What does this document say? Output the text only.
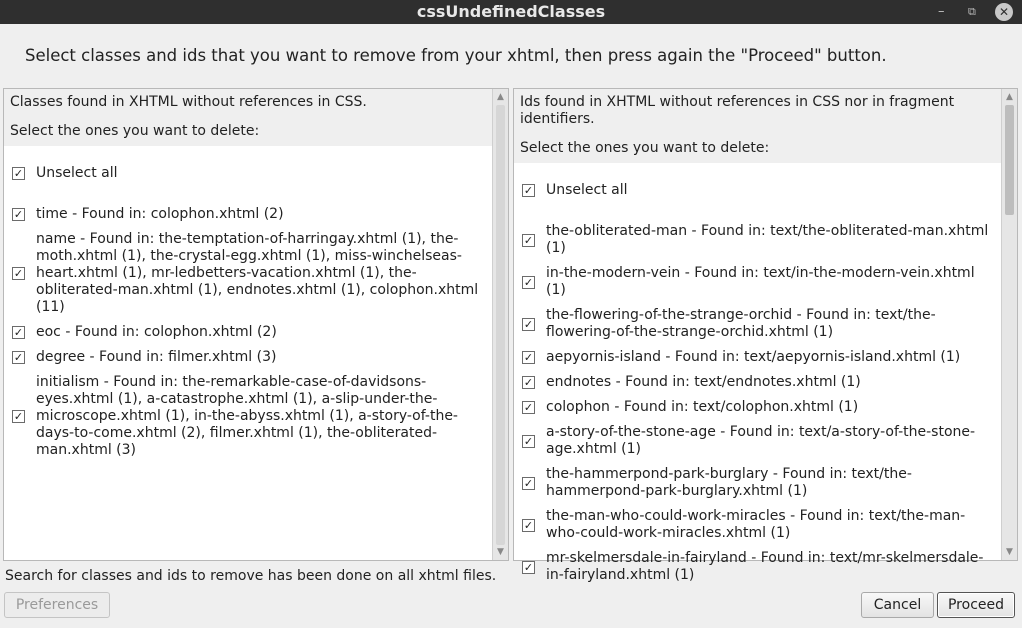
cssUndefinedClasses	– ⧉	✕
Select classes and ids that you want to remove from your xhtml, then press again the "Proceed" button.
Classes found in XHTML without references in CSS.
Select the ones you want to delete:
✓ Unselect all
✓ time - Found in: colophon.xhtml (2)
✓
name - Found in: the-temptation-of-harringay.xhtml (1), the-moth.xhtml (1), the-crystal-egg.xhtml (1), miss-winchelseas-heart.xhtml (1), mr-ledbetters-vacation.xhtml (1), the-obliterated-man.xhtml (1), endnotes.xhtml (1), colophon.xhtml (11)
✓ eoc - Found in: colophon.xhtml (2)
✓ degree - Found in: filmer.xhtml (3)
✓
initialism - Found in: the-remarkable-case-of-davidsons-eyes.xhtml (1), a-catastrophe.xhtml (1), a-slip-under-the-microscope.xhtml (1), in-the-abyss.xhtml (1), a-story-of-the-days-to-come.xhtml (2), filmer.xhtml (1), the-obliterated-man.xhtml (3)
▲
▼
Ids found in XHTML without references in CSS nor in fragment identifiers.
Select the ones you want to delete:
✓ Unselect all
✓
the-obliterated-man - Found in: text/the-obliterated-man.xhtml (1)
✓
in-the-modern-vein - Found in: text/in-the-modern-vein.xhtml (1)
✓
the-flowering-of-the-strange-orchid - Found in: text/the-flowering-of-the-strange-orchid.xhtml (1)
✓ aepyornis-island - Found in: text/aepyornis-island.xhtml (1)
✓ endnotes - Found in: text/endnotes.xhtml (1)
✓ colophon - Found in: text/colophon.xhtml (1)
✓
a-story-of-the-stone-age - Found in: text/a-story-of-the-stone-age.xhtml (1)
✓
the-hammerpond-park-burglary - Found in: text/the-hammerpond-park-burglary.xhtml (1)
✓
the-man-who-could-work-miracles - Found in: text/the-man-who-could-work-miracles.xhtml (1)
✓
mr-skelmersdale-in-fairyland - Found in: text/mr-skelmersdale-in-fairyland.xhtml (1)
▲
▼
Search for classes and ids to remove has been done on all xhtml files.
Preferences	Cancel	Proceed
